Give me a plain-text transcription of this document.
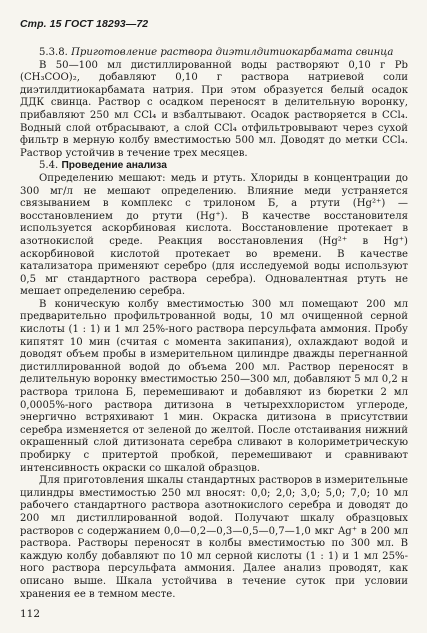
Стр. 15 ГОСТ 18293—72

5.3.8. Приготовление раствора диэтилдитиокарбамата свинца

В 50—100 мл дистиллированной воды растворяют 0,10 г Pb (CH₃COO)₂, добавляют 0,10 г раствора натриевой соли диэтилдитиокарбамата натрия. При этом образуется белый осадок ДДК свинца. Раствор с осадком переносят в делительную воронку, прибавляют 250 мл CCl₄ и взбалтывают. Осадок растворяется в CCl₄. Водный слой отбрасывают, а слой CCl₄ отфильтровывают через сухой фильтр в мерную колбу вместимостью 500 мл. Доводят до метки CCl₄. Раствор устойчив в течение трех месяцев.

5.4. Проведение анализа

Определению мешают: медь и ртуть. Хлориды в концентрации до 300 мг/л не мешают определению. Влияние меди устраняется связыванием в комплекс с трилоном Б, а ртути (Hg²⁺) — восстановлением до ртути (Hg⁺). В качестве восстановителя используется аскорбиновая кислота. Восстановление протекает в азотнокислой среде. Реакция восстановления (Hg²⁺ в Hg⁺) аскорбиновой кислотой протекает во времени. В качестве катализатора применяют серебро (для исследуемой воды используют 0,5 мг стандартного раствора серебра). Одновалентная ртуть не мешает определению серебра.

В коническую колбу вместимостью 300 мл помещают 200 мл предварительно профильтрованной воды, 10 мл очищенной серной кислоты (1 : 1) и 1 мл 25%-ного раствора персульфата аммония. Пробу кипятят 10 мин (считая с момента закипания), охлаждают водой и доводят объем пробы в измерительном цилиндре дважды перегнанной дистиллированной водой до объема 200 мл. Раствор переносят в делительную воронку вместимостью 250—300 мл, добавляют 5 мл 0,2 н раствора трилона Б, перемешивают и добавляют из бюретки 2 мл 0,0005%-ного раствора дитизона в четыреххлористом углероде, энергично встряхивают 1 мин. Окраска дитизона в присутствии серебра изменяется от зеленой до желтой. После отстаивания нижний окрашенный слой дитизоната серебра сливают в колориметрическую пробирку с притертой пробкой, перемешивают и сравнивают интенсивность окраски со шкалой образцов.

Для приготовления шкалы стандартных растворов в измерительные цилиндры вместимостью 250 мл вносят: 0,0; 2,0; 3,0; 5,0; 7,0; 10 мл рабочего стандартного раствора азотнокислого серебра и доводят до 200 мл дистиллированной водой. Получают шкалу образцовых растворов с содержанием 0,0—0,2—0,3—0,5—0,7—1,0 мкг Ag⁺ в 200 мл раствора. Растворы переносят в колбы вместимостью по 300 мл. В каждую колбу добавляют по 10 мл серной кислоты (1 : 1) и 1 мл 25%-ного раствора персульфата аммония. Далее анализ проводят, как описано выше. Шкала устойчива в течение суток при условии хранения ее в темном месте.

112
